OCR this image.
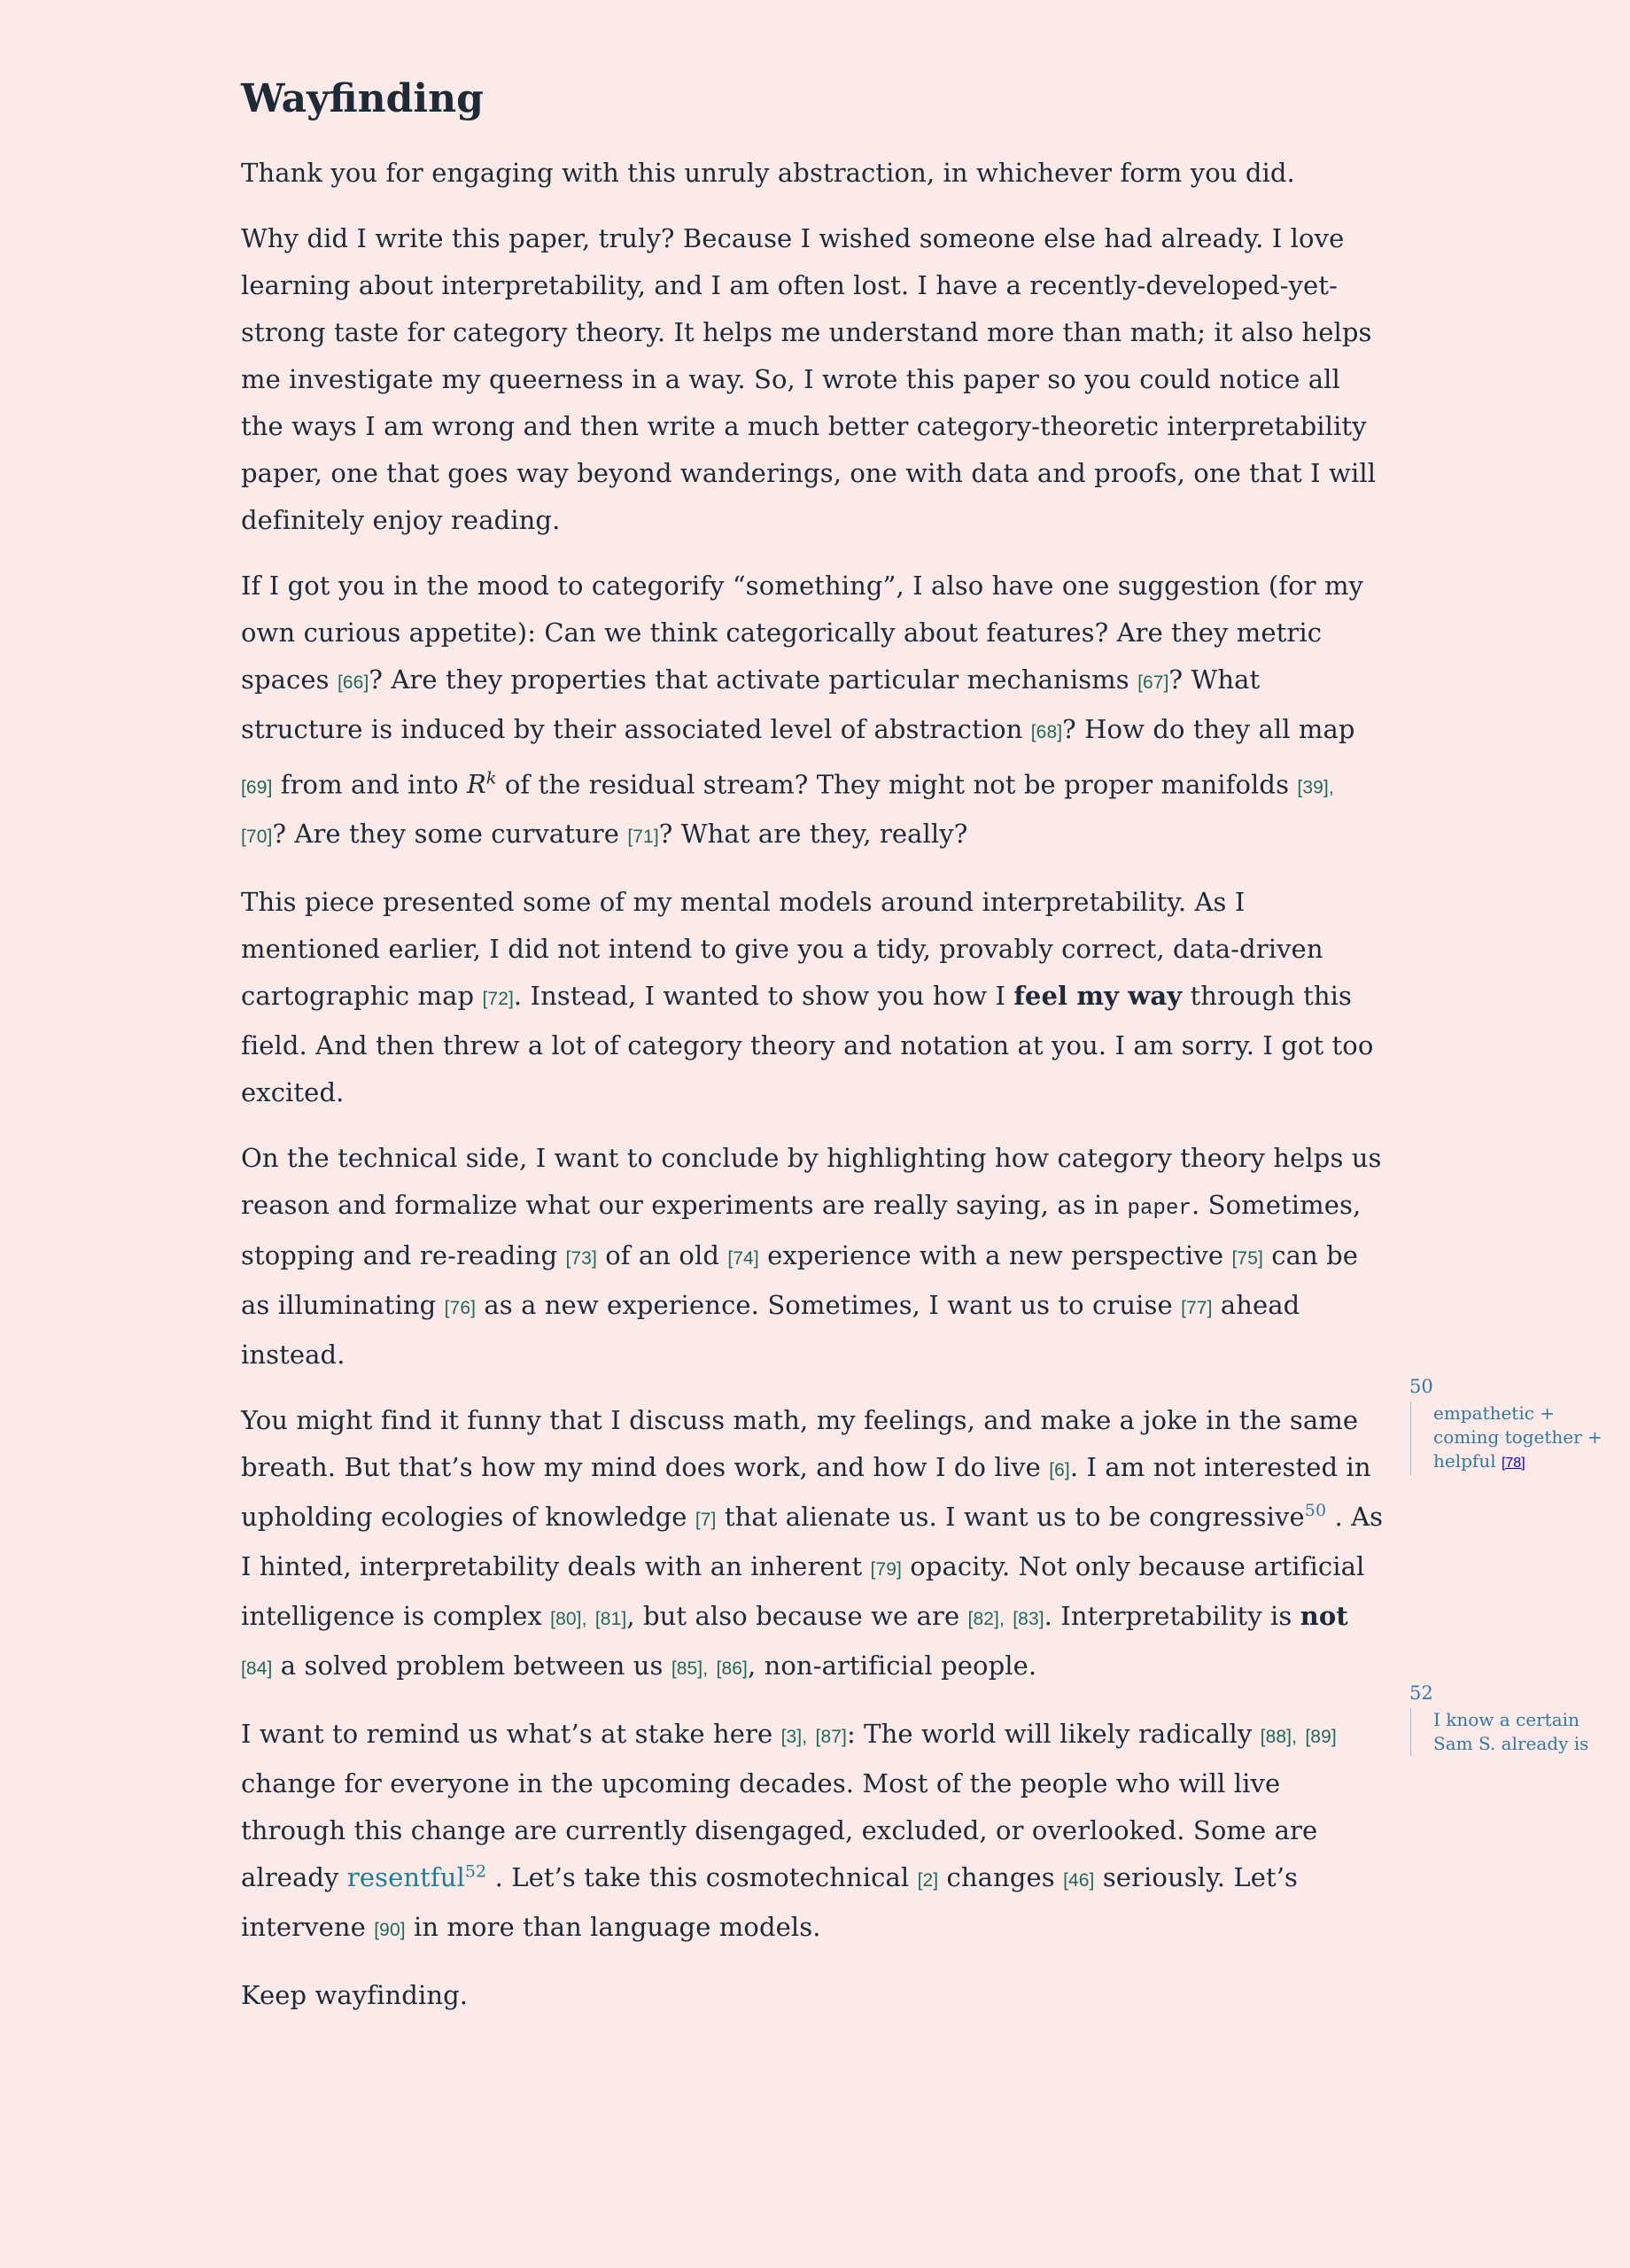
Wayfinding

Thank you for engaging with this unruly abstraction, in whichever form you did.

Why did I write this paper, truly? Because I wished someone else had already. I love learning about interpretability, and I am often lost. I have a recently-developed-yet-strong taste for category theory. It helps me understand more than math; it also helps me investigate my queerness in a way. So, I wrote this paper so you could notice all the ways I am wrong and then write a much better category-theoretic interpretability paper, one that goes way beyond wanderings, one with data and proofs, one that I will definitely enjoy reading.

If I got you in the mood to categorify “something”, I also have one suggestion (for my own curious appetite): Can we think categorically about features? Are they metric spaces [66]? Are they properties that activate particular mechanisms [67]? What structure is induced by their associated level of abstraction [68]? How do they all map [69] from and into $R^k$ of the residual stream? They might not be proper manifolds [39], [70]? Are they some curvature [71]? What are they, really?

This piece presented some of my mental models around interpretability. As I mentioned earlier, I did not intend to give you a tidy, provably correct, data-driven cartographic map [72]. Instead, I wanted to show you how I feel my way through this field. And then threw a lot of category theory and notation at you. I am sorry. I got too excited.

On the technical side, I want to conclude by highlighting how category theory helps us reason and formalize what our experiments are really saying, as in paper. Sometimes, stopping and re-reading [73] of an old [74] experience with a new perspective [75] can be as illuminating [76] as a new experience. Sometimes, I want us to cruise [77] ahead instead.

You might find it funny that I discuss math, my feelings, and make a joke in the same breath. But that’s how my mind does work, and how I do live [6]. I am not interested in upholding ecologies of knowledge [7] that alienate us. I want us to be congressive$^{50}$ . As I hinted, interpretability deals with an inherent [79] opacity. Not only because artificial intelligence is complex [80], [81], but also because we are [82], [83]. Interpretability is not [84] a solved problem between us [85], [86], non-artificial people.

I want to remind us what’s at stake here [3], [87]: The world will likely radically [88], [89] change for everyone in the upcoming decades. Most of the people who will live through this change are currently disengaged, excluded, or overlooked. Some are already resentful$^{52}$ . Let’s take this cosmotechnical [2] changes [46] seriously. Let’s intervene [90] in more than language models.

Keep wayfinding.

50
empathetic + coming together + helpful [78]
52
I know a certain Sam S. already is
